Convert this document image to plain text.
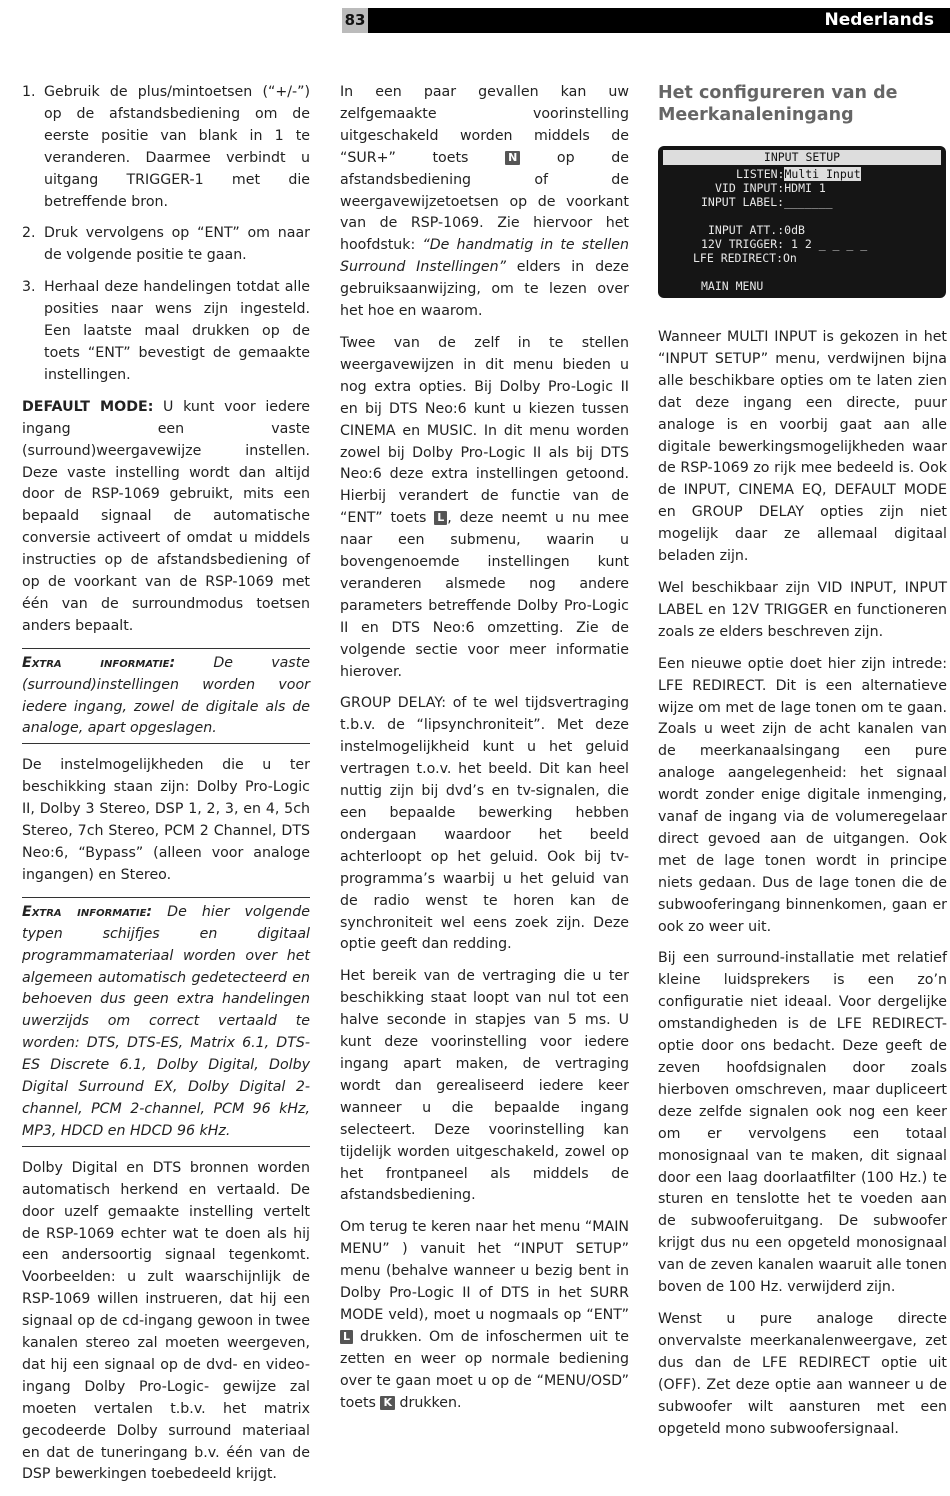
83	Nederlands
1. Gebruik de plus/mintoetsen (“+/-”) op de afstandsbediening om de eerste positie van blank in 1 te veranderen. Daarmee verbindt u uitgang TRIGGER-1 met die betreffende bron.
2. Druk vervolgens op “ENT” om naar de volgende positie te gaan.
3. Herhaal deze handelingen totdat alle posities naar wens zijn ingesteld. Een laatste maal drukken op de toets “ENT” bevestigt de gemaakte instellingen.

DEFAULT MODE: U kunt voor iedere ingang een vaste (surround)weergavewijze instellen. Deze vaste instelling wordt dan altijd door de RSP-1069 gebruikt, mits een bepaald signaal de automatische conversie activeert of omdat u middels instructies op de afstandsbediening of op de voorkant van de RSP-1069 met één van de surroundmodus toetsen anders bepaalt.

Extra informatie: De vaste (surround)instellingen worden voor iedere ingang, zowel de digitale als de analoge, apart opgeslagen.

De instelmogelijkheden die u ter beschikking staan zijn: Dolby Pro-Logic II, Dolby 3 Stereo, DSP 1, 2, 3, en 4, 5ch Stereo, 7ch Stereo, PCM 2 Channel, DTS Neo:6, “Bypass” (alleen voor analoge ingangen) en Stereo.

Extra informatie: De hier volgende typen schijfjes en digitaal programmamateriaal worden over het algemeen automatisch gedetecteerd en behoeven dus geen extra handelingen uwerzijds om correct vertaald te worden: DTS, DTS-ES, Matrix 6.1, DTS-ES Discrete 6.1, Dolby Digital, Dolby Digital Surround EX, Dolby Digital 2-channel, PCM 2-channel, PCM 96 kHz, MP3, HDCD en HDCD 96 kHz.

Dolby Digital en DTS bronnen worden automatisch herkend en vertaald. De door uzelf gemaakte instelling vertelt de RSP-1069 echter wat te doen als hij een andersoortig signaal tegenkomt. Voorbeelden: u zult waarschijnlijk de RSP-1069 willen instrueren, dat hij een signaal op de cd-ingang gewoon in twee kanalen stereo zal moeten weergeven, dat hij een signaal op de dvd- en video-ingang Dolby Pro-Logic- gewijze zal moeten vertalen t.b.v. het matrix gecodeerde Dolby surround materiaal en dat de tuneringang b.v. één van de DSP bewerkingen toebedeeld krijgt.

In een paar gevallen kan uw zelfgemaakte voorinstelling uitgeschakeld worden middels de “SUR+” toets N op de afstandsbediening of de weergavewijzetoetsen op de voorkant van de RSP-1069. Zie hiervoor het hoofdstuk: “De handmatig in te stellen Surround Instellingen” elders in deze gebruiksaanwijzing, om te lezen over het hoe en waarom.

Twee van de zelf in te stellen weergavewijzen in dit menu bieden u nog extra opties. Bij Dolby Pro-Logic II en bij DTS Neo:6 kunt u kiezen tussen CINEMA en MUSIC. In dit menu worden zowel bij Dolby Pro-Logic II als bij DTS Neo:6 deze extra instellingen getoond. Hierbij verandert de functie van de “ENT” toets L , deze neemt u nu mee naar een submenu, waarin u bovengenoemde instellingen kunt veranderen alsmede nog andere parameters betreffende Dolby Pro-Logic II en DTS Neo:6 omzetting. Zie de volgende sectie voor meer informatie hierover.

GROUP DELAY: of te wel tijdsvertraging t.b.v. de “lipsynchroniteit”. Met deze instelmogelijkheid kunt u het geluid vertragen t.o.v. het beeld. Dit kan heel nuttig zijn bij dvd’s en tv-signalen, die een bepaalde bewerking hebben ondergaan waardoor het beeld achterloopt op het geluid. Ook bij tv-programma’s waarbij u het geluid van de radio wenst te horen kan de synchroniteit wel eens zoek zijn. Deze optie geeft dan redding.

Het bereik van de vertraging die u ter beschikking staat loopt van nul tot een halve seconde in stapjes van 5 ms. U kunt deze voorinstelling voor iedere ingang apart maken, de vertraging wordt dan gerealiseerd iedere keer wanneer u die bepaalde ingang selecteert. Deze voorinstelling kan tijdelijk worden uitgeschakeld, zowel op het frontpaneel als middels de afstandsbediening.

Om terug te keren naar het menu “MAIN MENU” ) vanuit het “INPUT SETUP” menu (behalve wanneer u bezig bent in Dolby Pro-Logic II of DTS in het SURR MODE veld), moet u nogmaals op “ENT” L drukken. Om de infoschermen uit te zetten en weer op normale bediening over te gaan moet u op de “MENU/OSD” toets K drukken.

Het configureren van de Meerkanaleningang
INPUT SETUP
LISTEN:Multi Input
VID INPUT:HDMI 1
INPUT LABEL:_______
INPUT ATT.:0dB
12V TRIGGER: 1 2 _ _ _ _
LFE REDIRECT:On
MAIN MENU

Wanneer MULTI INPUT is gekozen in het “INPUT SETUP” menu, verdwijnen bijna alle beschikbare opties om te laten zien dat deze ingang een directe, puur analoge is en voorbij gaat aan alle digitale bewerkingsmogelijkheden waar de RSP-1069 zo rijk mee bedeeld is. Ook de INPUT, CINEMA EQ, DEFAULT MODE en GROUP DELAY opties zijn niet mogelijk daar ze allemaal digitaal beladen zijn.

Wel beschikbaar zijn VID INPUT, INPUT LABEL en 12V TRIGGER en functioneren zoals ze elders beschreven zijn.

Een nieuwe optie doet hier zijn intrede: LFE REDIRECT. Dit is een alternatieve wijze om met de lage tonen om te gaan. Zoals u weet zijn de acht kanalen van de meerkanaalsingang een pure analoge aangelegenheid: het signaal wordt zonder enige digitale inmenging, vanaf de ingang via de volumeregelaar direct gevoed aan de uitgangen. Ook met de lage tonen wordt in principe niets gedaan. Dus de lage tonen die de subwooferingang binnenkomen, gaan er ook zo weer uit.

Bij een surround-installatie met relatief kleine luidsprekers is een zo’n configuratie niet ideaal. Voor dergelijke omstandigheden is de LFE REDIRECT-optie door ons bedacht. Deze geeft de zeven hoofdsignalen door zoals hierboven omschreven, maar dupliceert deze zelfde signalen ook nog een keer om er vervolgens een totaal monosignaal van te maken, dit signaal door een laag doorlaatfilter (100 Hz.) te sturen en tenslotte het te voeden aan de subwooferuitgang. De subwoofer krijgt dus nu een opgeteld monosignaal van de zeven kanalen waaruit alle tonen boven de 100 Hz. verwijderd zijn.

Wenst u pure analoge directe onvervalste meerkanalenweergave, zet dus dan de LFE REDIRECT optie uit (OFF). Zet deze optie aan wanneer u de subwoofer wilt aansturen met een opgeteld mono subwoofersignaal.
